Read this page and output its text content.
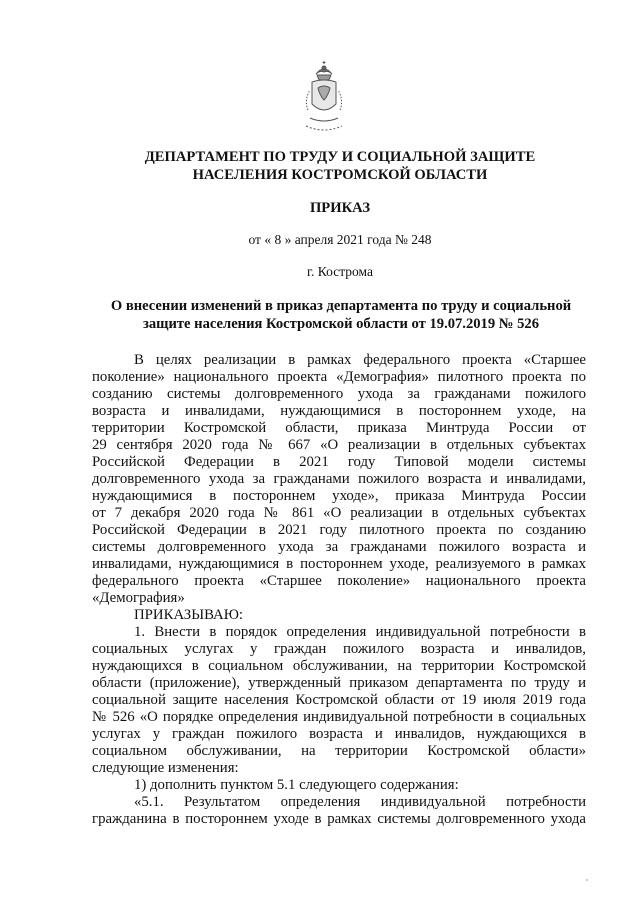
ДЕПАРТАМЕНТ ПО ТРУДУ И СОЦИАЛЬНОЙ ЗАЩИТЕ
НАСЕЛЕНИЯ КОСТРОМСКОЙ ОБЛАСТИ
ПРИКАЗ
от « 8 » апреля 2021 года № 248
г. Кострома
О внесении изменений в приказ департамента по труду и социальной
защите населения Костромской области от 19.07.2019 № 526
В целях реализации в рамках федерального проекта «Старшее
поколение» национального проекта «Демография» пилотного проекта по
созданию системы долговременного ухода за гражданами пожилого
возраста и инвалидами, нуждающимися в постороннем уходе, на
территории Костромской области, приказа Минтруда России от
29 сентября 2020 года № 667 «О реализации в отдельных субъектах
Российской Федерации в 2021 году Типовой модели системы
долговременного ухода за гражданами пожилого возраста и инвалидами,
нуждающимися в постороннем уходе», приказа Минтруда России
от 7 декабря 2020 года № 861 «О реализации в отдельных субъектах
Российской Федерации в 2021 году пилотного проекта по созданию
системы долговременного ухода за гражданами пожилого возраста и
инвалидами, нуждающимися в постороннем уходе, реализуемого в рамках
федерального проекта «Старшее поколение» национального проекта
«Демография»
ПРИКАЗЫВАЮ:
1. Внести в порядок определения индивидуальной потребности в
социальных услугах у граждан пожилого возраста и инвалидов,
нуждающихся в социальном обслуживании, на территории Костромской
области (приложение), утвержденный приказом департамента по труду и
социальной защите населения Костромской области от 19 июля 2019 года
№ 526 «О порядке определения индивидуальной потребности в социальных
услугах у граждан пожилого возраста и инвалидов, нуждающихся в
социальном обслуживании, на территории Костромской области»
следующие изменения:
1) дополнить пунктом 5.1 следующего содержания:
«5.1. Результатом определения индивидуальной потребности
гражданина в постороннем уходе в рамках системы долговременного ухода
